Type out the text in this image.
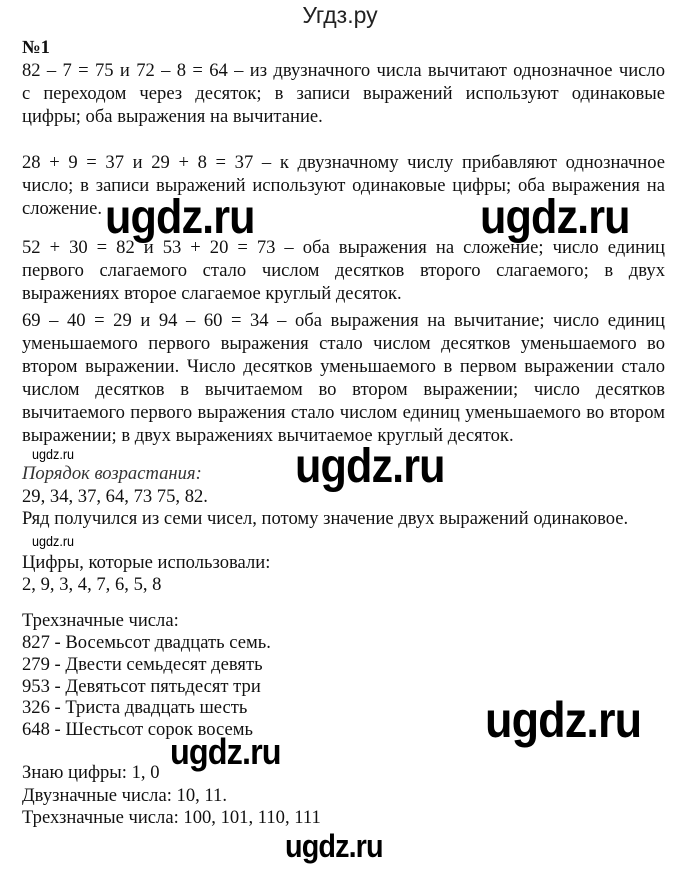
Угдз.ру
№1
82 – 7 = 75 и 72 – 8 = 64 – из двузначного числа вычитают однозначное число
с переходом через десяток; в записи выражений используют одинаковые
цифры; оба выражения на вычитание.
28 + 9 = 37 и 29 + 8 = 37 – к двузначному числу прибавляют однозначное
число; в записи выражений используют одинаковые цифры; оба выражения на
сложение.
52 + 30 = 82 и 53 + 20 = 73 – оба выражения на сложение; число единиц
первого слагаемого стало числом десятков второго слагаемого; в двух
выражениях второе слагаемое круглый десяток.
69 – 40 = 29 и 94 – 60 = 34 – оба выражения на вычитание; число единиц
уменьшаемого первого выражения стало числом десятков уменьшаемого во
втором выражении. Число десятков уменьшаемого в первом выражении стало
числом десятков в вычитаемом во втором выражении; число десятков
вычитаемого первого выражения стало числом единиц уменьшаемого во втором
выражении; в двух выражениях вычитаемое круглый десяток.
Порядок возрастания:
29, 34, 37, 64, 73 75, 82.
Ряд получился из семи чисел, потому значение двух выражений одинаковое.
Цифры, которые использовали:
2, 9, 3, 4, 7, 6, 5, 8
Трехзначные числа:
827 - Восемьсот двадцать семь.
279 - Двести семьдесят девять
953 - Девятьсот пятьдесят три
326 - Триста двадцать шесть
648 - Шестьсот сорок восемь
Знаю цифры: 1, 0
Двузначные числа: 10, 11.
Трехзначные числа: 100, 101, 110, 111
ugdz.ru	ugdz.ru
ugdz.ru
ugdz.ru
ugdz.ru
ugdz.ru
ugdz.ru
ugdz.ru
